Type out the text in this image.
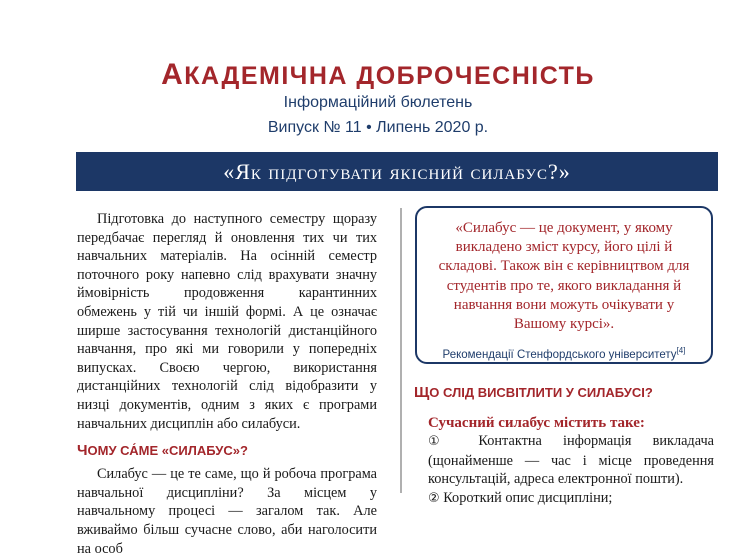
АКАДЕМІЧНА ДОБРОЧЕСНІСТЬ
Інформаційний бюлетень
Випуск № 11 • Липень 2020 р.
«Як підготувати якісний силабус?»

Підготовка до наступного семестру щоразу передбачає перегляд й оновлення тих чи тих навчальних матеріалів. На осінній семестр поточного року напевно слід врахувати значну ймовірність продовження карантинних обмежень у тій чи іншій формі. А це означає ширше застосування технологій дистанційного навчання, про які ми говорили у попередніх випусках. Своєю чергою, використання дистанційних технологій слід відобразити у низці документів, одним з яких є програми навчальних дисциплін або силабуси.

ЧОМУ СА́МЕ «СИЛАБУС»?

Силабус — це те саме, що й робоча програма навчальної дисципліни? За місцем у навчальному процесі — загалом так. Але вживаймо більш сучасне слово, аби наголосити на особ

«Силабус — це документ, у якому викладено зміст курсу, його цілі й складові. Також він є керівництвом для студентів про те, якого викладання й навчання вони можуть очікувати у Вашому курсі».
Рекомендації Стенфордського університету[4]
ЩО СЛІД ВИСВІТЛИТИ У СИЛАБУСІ?
Сучасний силабус містить таке:

① Контактна інформація викладача (щонайменше — час і місце проведення консультацій, адреса електронної пошти).

② Короткий опис дисципліни;
